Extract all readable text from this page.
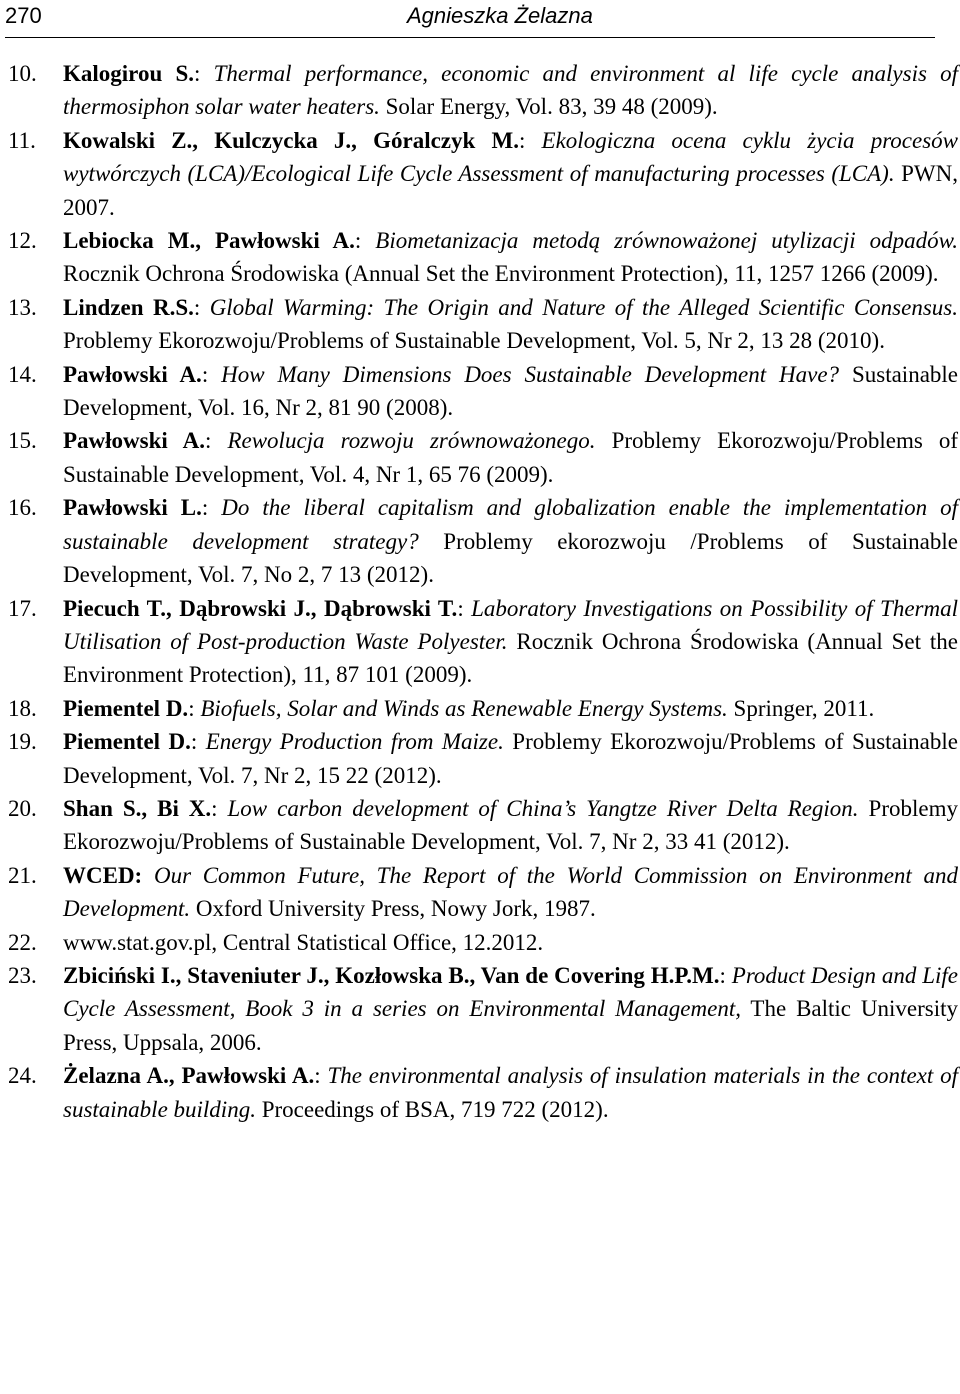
270	Agnieszka Żelazna
10. Kalogirou S.: Thermal performance, economic and environment al life cycle analysis of thermosiphon solar water heaters. Solar Energy, Vol. 83, 39 48 (2009).
11. Kowalski Z., Kulczycka J., Góralczyk M.: Ekologiczna ocena cyklu życia procesów wytwórczych (LCA)/Ecological Life Cycle Assessment of manufacturing processes (LCA). PWN, 2007.
12. Lebiocka M., Pawłowski A.: Biometanizacja metodą zrównoważonej utylizacji odpadów. Rocznik Ochrona Środowiska (Annual Set the Environment Protection), 11, 1257 1266 (2009).
13. Lindzen R.S.: Global Warming: The Origin and Nature of the Alleged Scientific Consensus. Problemy Ekorozwoju/Problems of Sustainable Development, Vol. 5, Nr 2, 13 28 (2010).
14. Pawłowski A.: How Many Dimensions Does Sustainable Development Have? Sustainable Development, Vol. 16, Nr 2, 81 90 (2008).
15. Pawłowski A.: Rewolucja rozwoju zrównoważonego. Problemy Ekorozwoju/Problems of Sustainable Development, Vol. 4, Nr 1, 65 76 (2009).
16. Pawłowski L.: Do the liberal capitalism and globalization enable the implementation of sustainable development strategy? Problemy ekorozwoju /Problems of Sustainable Development, Vol. 7, No 2, 7 13 (2012).
17. Piecuch T., Dąbrowski J., Dąbrowski T.: Laboratory Investigations on Possibility of Thermal Utilisation of Post-production Waste Polyester. Rocznik Ochrona Środowiska (Annual Set the Environment Protection), 11, 87 101 (2009).
18. Piementel D.: Biofuels, Solar and Winds as Renewable Energy Systems. Springer, 2011.
19. Piementel D.: Energy Production from Maize. Problemy Ekorozwoju/Problems of Sustainable Development, Vol. 7, Nr 2, 15 22 (2012).
20. Shan S., Bi X.: Low carbon development of China’s Yangtze River Delta Region. Problemy Ekorozwoju/Problems of Sustainable Development, Vol. 7, Nr 2, 33 41 (2012).
21. WCED: Our Common Future, The Report of the World Commission on Environment and Development. Oxford University Press, Nowy Jork, 1987.
22. www.stat.gov.pl, Central Statistical Office, 12.2012.
23. Zbiciński I., Staveniuter J., Kozłowska B., Van de Covering H.P.M.: Product Design and Life Cycle Assessment, Book 3 in a series on Environmental Management, The Baltic University Press, Uppsala, 2006.
24. Żelazna A., Pawłowski A.: The environmental analysis of insulation materials in the context of sustainable building. Proceedings of BSA, 719 722 (2012).
